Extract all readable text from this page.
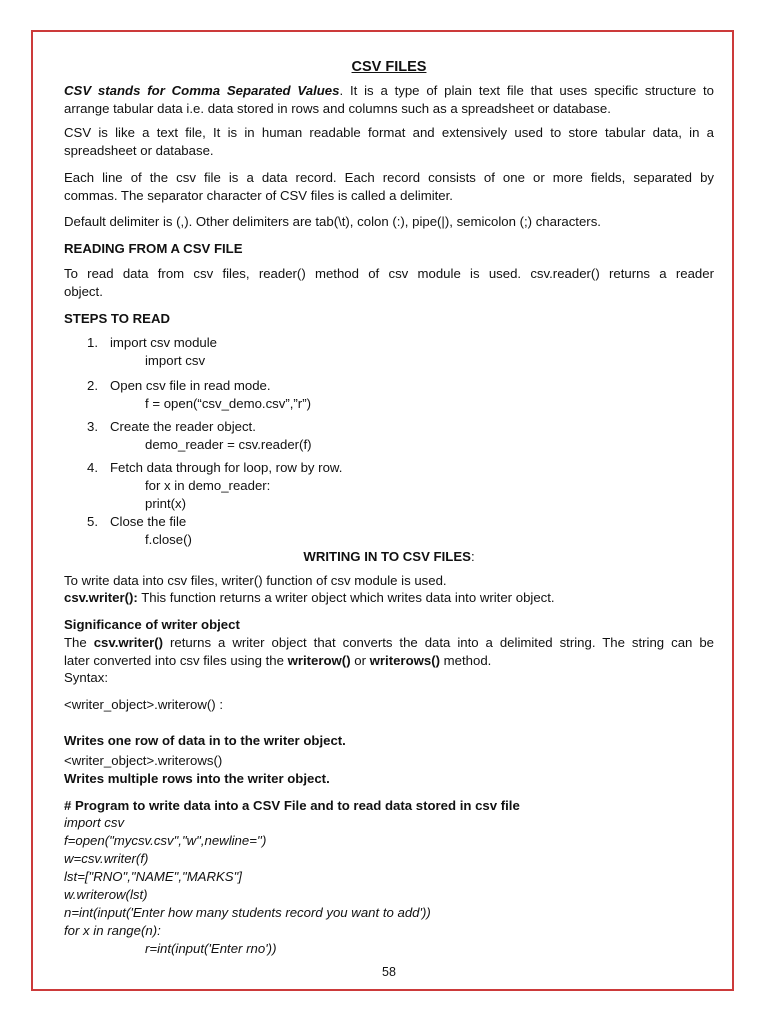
CSV FILES
CSV stands for Comma Separated Values. It is a type of plain text file that uses specific structure to
arrange tabular data i.e. data stored in rows and columns such as a spreadsheet or database.
CSV is like a text file, It is in human readable format and extensively used to store tabular data, in a
spreadsheet or database.
Each line of the csv file is a data record. Each record consists of one or more fields, separated by
commas. The separator character of CSV files is called a delimiter.
Default delimiter is (,). Other delimiters are tab(\t), colon (:), pipe(|), semicolon (;) characters.
READING FROM A CSV FILE
To read data from csv files, reader() method of csv module is used. csv.reader() returns a reader
object.
STEPS TO READ
1. import csv module
import csv
2. Open csv file in read mode.
f = open(“csv_demo.csv”,”r”)
3. Create the reader object.
demo_reader = csv.reader(f)
4. Fetch data through for loop, row by row.
for x in demo_reader:
print(x)
5. Close the file
f.close()
WRITING IN TO CSV FILES:
To write data into csv files, writer() function of csv module is used.
csv.writer(): This function returns a writer object which writes data into writer object.
Significance of writer object
The csv.writer() returns a writer object that converts the data into a delimited string. The string can be
later converted into csv files using the writerow() or writerows() method.
Syntax:
<writer_object>.writerow() :
Writes one row of data in to the writer object.
<writer_object>.writerows()
Writes multiple rows into the writer object.
# Program to write data into a CSV File and to read data stored in csv file
import csv
f=open("mycsv.csv","w",newline='')
w=csv.writer(f)
lst=["RNO","NAME","MARKS"]
w.writerow(lst)
n=int(input('Enter how many students record you want to add'))
for x in range(n):
r=int(input('Enter rno'))
58
